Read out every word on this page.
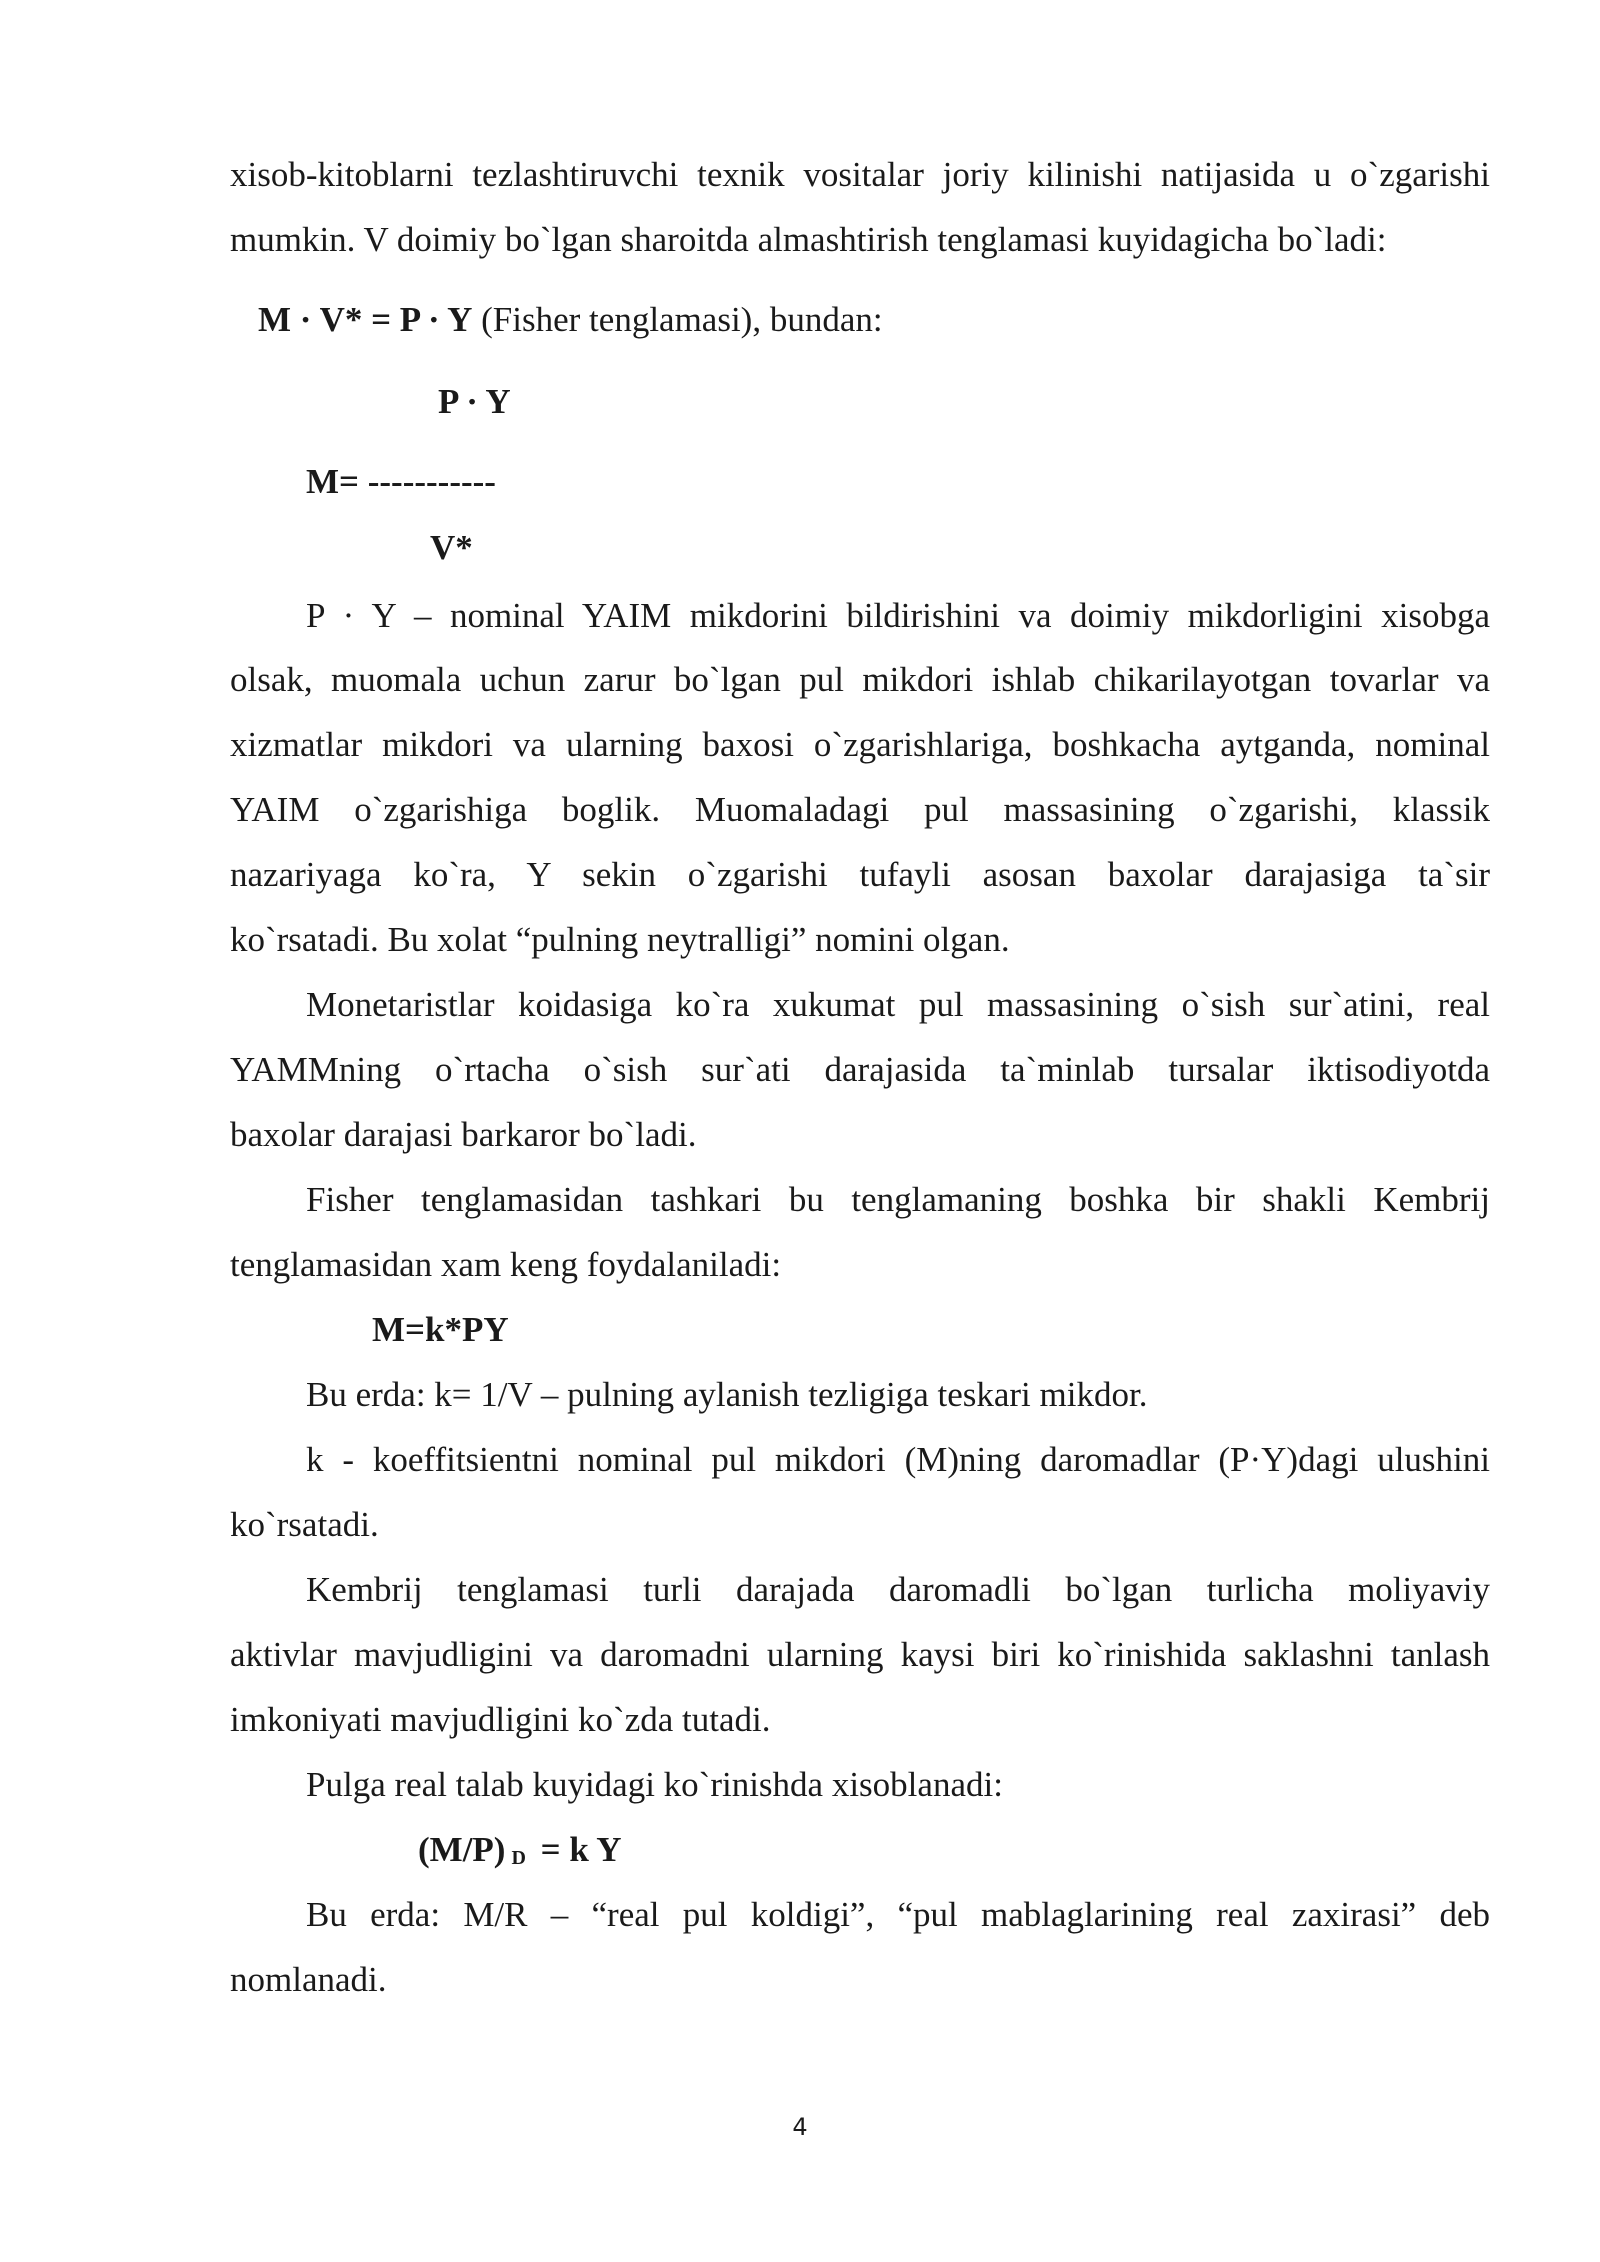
xisob-kitoblarni tezlashtiruvchi texnik vositalar joriy kilinishi natijasida u o`zgarishi
mumkin. V doimiy bo`lgan sharoitda almashtirish tenglamasi kuyidagicha bo`ladi:
M · V* = P · Y (Fisher tenglamasi), bundan:
P · Y
M= -----------
V*
P · Y – nominal YAIM mikdorini bildirishini va doimiy mikdorligini xisobga
olsak, muomala uchun zarur bo`lgan pul mikdori ishlab chikarilayotgan tovarlar va
xizmatlar mikdori va ularning baxosi o`zgarishlariga, boshkacha aytganda, nominal
YAIM o`zgarishiga boglik. Muomaladagi pul massasining o`zgarishi, klassik
nazariyaga ko`ra, Y sekin o`zgarishi tufayli asosan baxolar darajasiga ta`sir
ko`rsatadi. Bu xolat “pulning neytralligi” nomini olgan.
Monetaristlar koidasiga ko`ra xukumat pul massasining o`sish sur`atini, real
YAMMning o`rtacha o`sish sur`ati darajasida ta`minlab tursalar iktisodiyotda
baxolar darajasi barkaror bo`ladi.
Fisher tenglamasidan tashkari bu tenglamaning boshka bir shakli Kembrij
tenglamasidan xam keng foydalaniladi:
M=k*PY
Bu erda: k= 1/V – pulning aylanish tezligiga teskari mikdor.
k - koeffitsientni nominal pul mikdori (M)ning daromadlar (P·Y)dagi ulushini
ko`rsatadi.
Kembrij tenglamasi turli darajada daromadli bo`lgan turlicha moliyaviy
aktivlar mavjudligini va daromadni ularning kaysi biri ko`rinishida saklashni tanlash
imkoniyati mavjudligini ko`zda tutadi.
Pulga real talab kuyidagi ko`rinishda xisoblanadi:
(M/P) D = k Y
Bu erda: M/R – “real pul koldigi”, “pul mablaglarining real zaxirasi” deb
nomlanadi.
4
